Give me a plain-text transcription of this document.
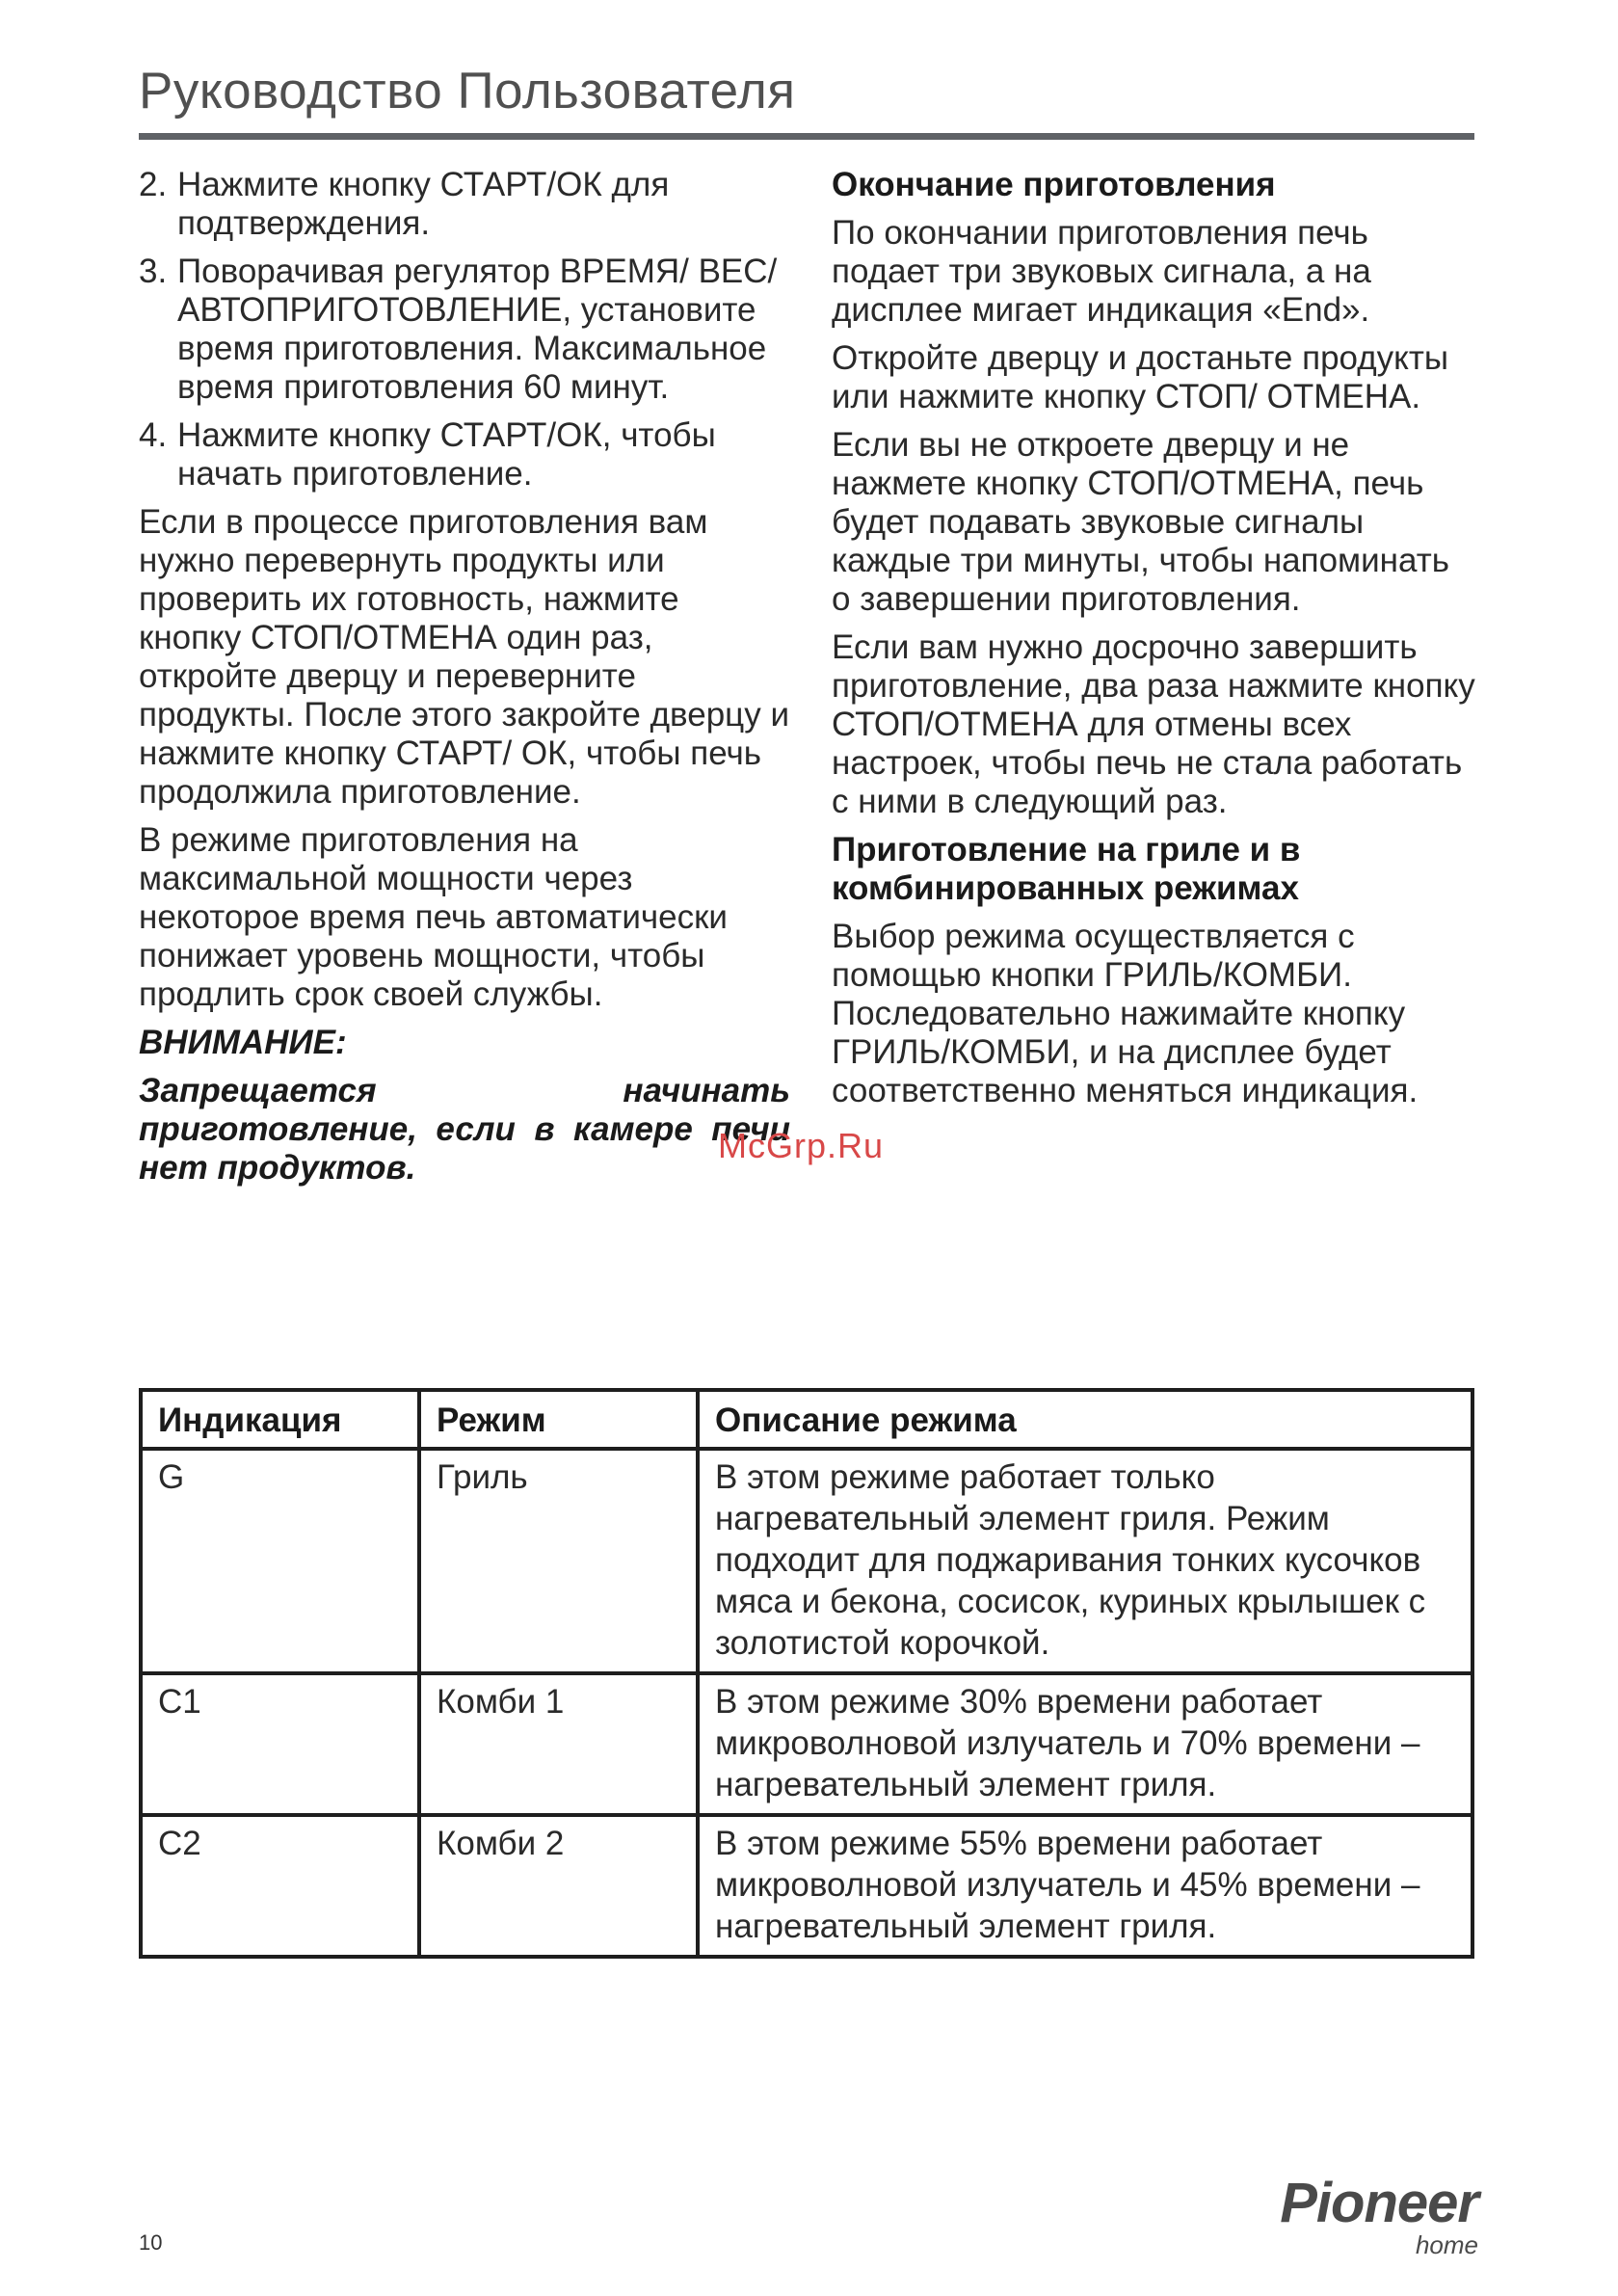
Руководство Пользователя
2. Нажмите кнопку СТАРТ/ОК для подтверждения.
3. Поворачивая регулятор ВРЕМЯ/ ВЕС/АВТОПРИГОТОВЛЕНИЕ, установите время приготовления. Максимальное время приготовления 60 минут.
4. Нажмите кнопку СТАРТ/ОК, чтобы начать приготовление.

Если в процессе приготовления вам нужно перевернуть продукты или проверить их готовность, нажмите кнопку СТОП/ОТМЕНА один раз, откройте дверцу и переверните продукты. После этого закройте дверцу и нажмите кнопку СТАРТ/ ОК, чтобы печь продолжила приготовление.

В режиме приготовления на максимальной мощности через некоторое время печь автоматически понижает уровень мощности, чтобы продлить срок своей службы.

ВНИМАНИЕ:

Запрещается начинать приготовление, если в камере печи нет продуктов.

Окончание приготовления

По окончании приготовления печь подает три звуковых сигнала, а на дисплее мигает индикация «End».

Откройте дверцу и достаньте продукты или нажмите кнопку СТОП/ ОТМЕНА.

Если вы не откроете дверцу и не нажмете кнопку СТОП/ОТМЕНА, печь будет подавать звуковые сигналы каждые три минуты, чтобы напоминать о завершении приготовления.

Если вам нужно досрочно завершить приготовление, два раза нажмите кнопку СТОП/ОТМЕНА для отмены всех настроек, чтобы печь не стала работать с ними в следующий раз.

Приготовление на гриле и в комбинированных режимах

Выбор режима осуществляется с помощью кнопки ГРИЛЬ/КОМБИ. Последовательно нажимайте кнопку ГРИЛЬ/КОМБИ, и на дисплее будет соответственно меняться индикация.

McGrp.Ru
Индикация	Режим	Описание режима
G	Гриль	В этом режиме работает только нагревательный элемент гриля. Режим подходит для поджаривания тонких кусочков мяса и бекона, сосисок, куриных крылышек с золотистой корочкой.
C1	Комби 1	В этом режиме 30% времени работает микроволновой излучатель и 70% времени – нагревательный элемент гриля.
C2	Комби 2	В этом режиме 55% времени работает микроволновой излучатель и 45% времени – нагревательный элемент гриля.
10
Pioneer
home
